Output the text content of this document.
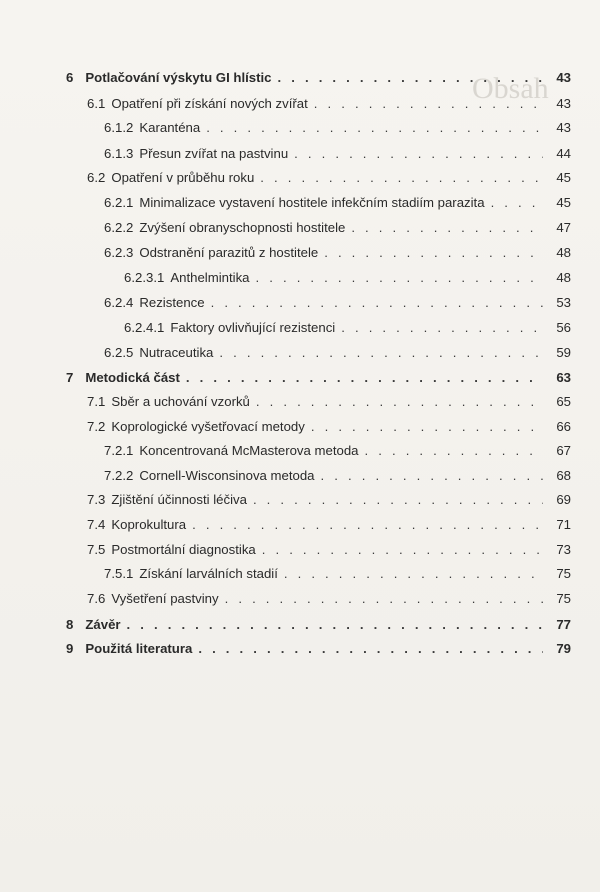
Obsah
6 Potlačování výskytu GI hlístic . . .	43
6.1 Opatření při získání nových zvířat . . .	43
6.1.2 Karanténa . . .	43
6.1.3 Přesun zvířat na pastvinu . . .	44
6.2 Opatření v průběhu roku . . .	45
6.2.1 Minimalizace vystavení hostitele infekčním stadiím parazita . . .	45
6.2.2 Zvýšení obranyschopnosti hostitele . . .	47
6.2.3 Odstranění parazitů z hostitele . . .	48
6.2.3.1 Anthelmintika . . .	48
6.2.4 Rezistence . . .	53
6.2.4.1 Faktory ovlivňující rezistenci . . .	56
6.2.5 Nutraceutika . . .	59
7 Metodická část . . .	63
7.1 Sběr a uchování vzorků . . .	65
7.2 Koprologické vyšetřovací metody . . .	66
7.2.1 Koncentrovaná McMasterova metoda . . .	67
7.2.2 Cornell-Wisconsinova metoda . . .	68
7.3 Zjištění účinnosti léčiva . . .	69
7.4 Koprokultura . . .	71
7.5 Postmortální diagnostika . . .	73
7.5.1 Získání larválních stadií . . .	75
7.6 Vyšetření pastviny . . .	75
8 Závěr . . .	77
9 Použitá literatura . . .	79
